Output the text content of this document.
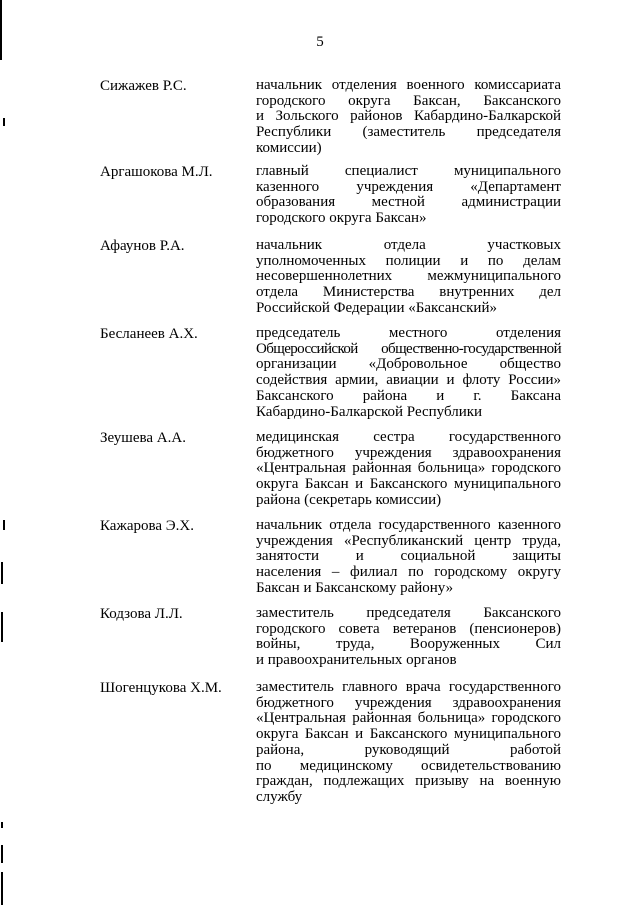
5
Сижажев Р.С.	начальник отделения военного комиссариата
городского округа Баксан, Баксанского
и Зольского районов Кабардино-Балкарской
Республики (заместитель председателя
комиссии)
Аргашокова М.Л.	главный специалист муниципального
казенного учреждения «Департамент
образования местной администрации
городского округа Баксан»
Афаунов Р.А.	начальник отдела участковых
уполномоченных полиции и по делам
несовершеннолетних межмуниципального
отдела Министерства внутренних дел
Российской Федерации «Баксанский»
Бесланеев А.Х.	председатель местного отделения
Общероссийской общественно-государственной
организации «Добровольное общество
содействия армии, авиации и флоту России»
Баксанского района и г. Баксана
Кабардино-Балкарской Республики
Зеушева А.А.	медицинская сестра государственного
бюджетного учреждения здравоохранения
«Центральная районная больница» городского
округа Баксан и Баксанского муниципального
района (секретарь комиссии)
Кажарова Э.Х.	начальник отдела государственного казенного
учреждения «Республиканский центр труда,
занятости и социальной защиты
населения – филиал по городскому округу
Баксан и Баксанскому району»
Кодзова Л.Л.	заместитель председателя Баксанского
городского совета ветеранов (пенсионеров)
войны, труда, Вооруженных Сил
и правоохранительных органов
Шогенцукова Х.М. заместитель главного врача государственного
бюджетного учреждения здравоохранения
«Центральная районная больница» городского
округа Баксан и Баксанского муниципального
района, руководящий работой
по медицинскому освидетельствованию
граждан, подлежащих призыву на военную
службу
